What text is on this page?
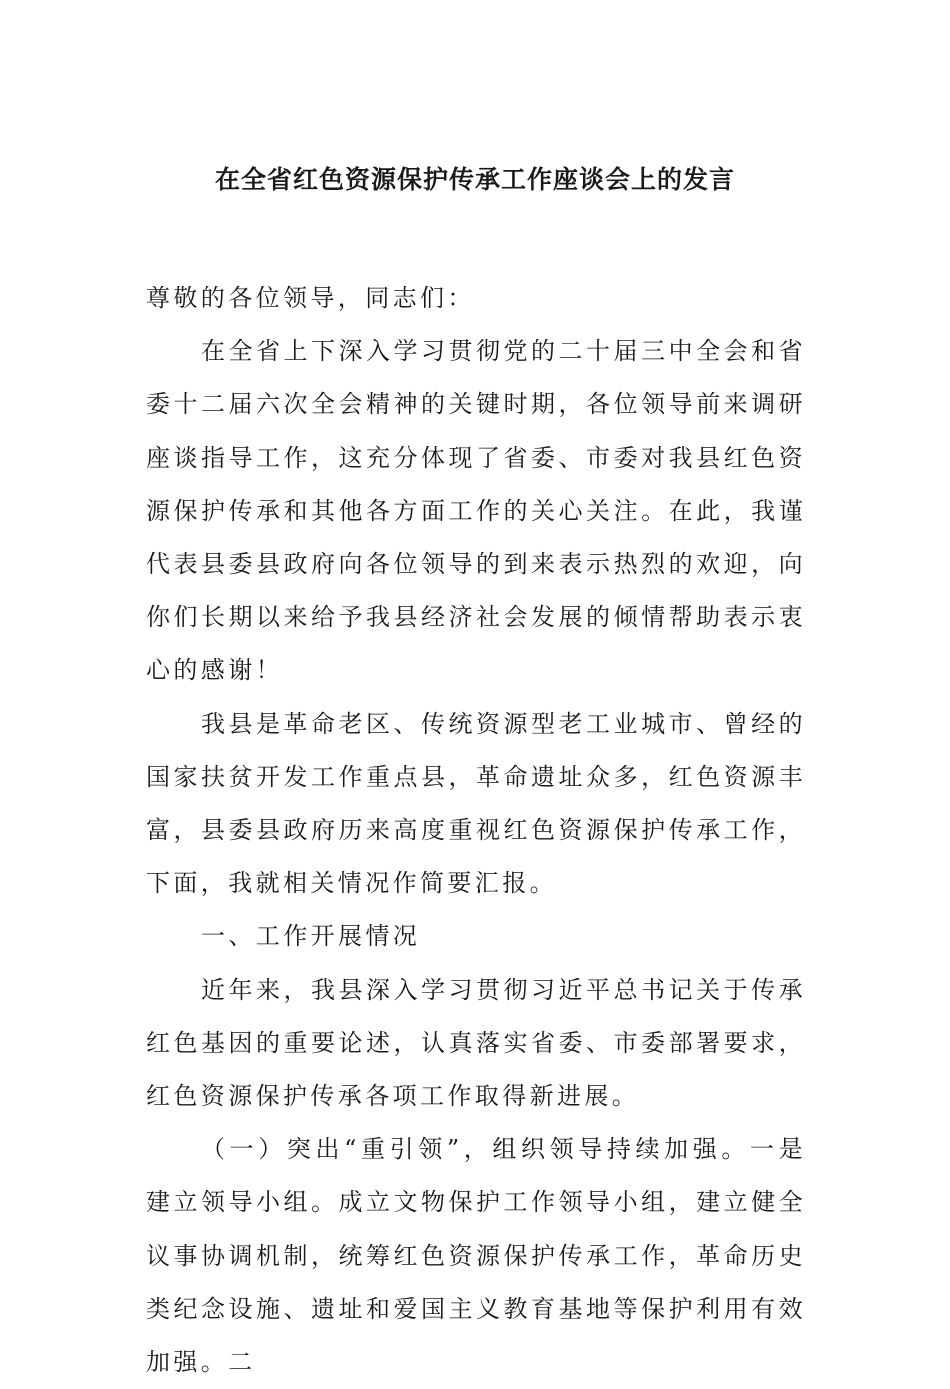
在全省红色资源保护传承工作座谈会上的发言

尊敬的各位领导，同志们：

在全省上下深入学习贯彻党的二十届三中全会和省委十二届六次全会精神的关键时期，各位领导前来调研座谈指导工作，这充分体现了省委、市委对我县红色资源保护传承和其他各方面工作的关心关注。在此，我谨代表县委县政府向各位领导的到来表示热烈的欢迎，向你们长期以来给予我县经济社会发展的倾情帮助表示衷心的感谢！

我县是革命老区、传统资源型老工业城市、曾经的国家扶贫开发工作重点县，革命遗址众多，红色资源丰富，县委县政府历来高度重视红色资源保护传承工作，下面，我就相关情况作简要汇报。

一、工作开展情况

近年来，我县深入学习贯彻习近平总书记关于传承红色基因的重要论述，认真落实省委、市委部署要求，红色资源保护传承各项工作取得新进展。

（一）突出“重引领”，组织领导持续加强。一是建立领导小组。成立文物保护工作领导小组，建立健全议事协调机制，统筹红色资源保护传承工作，革命历史类纪念设施、遗址和爱国主义教育基地等保护利用有效加强。二
